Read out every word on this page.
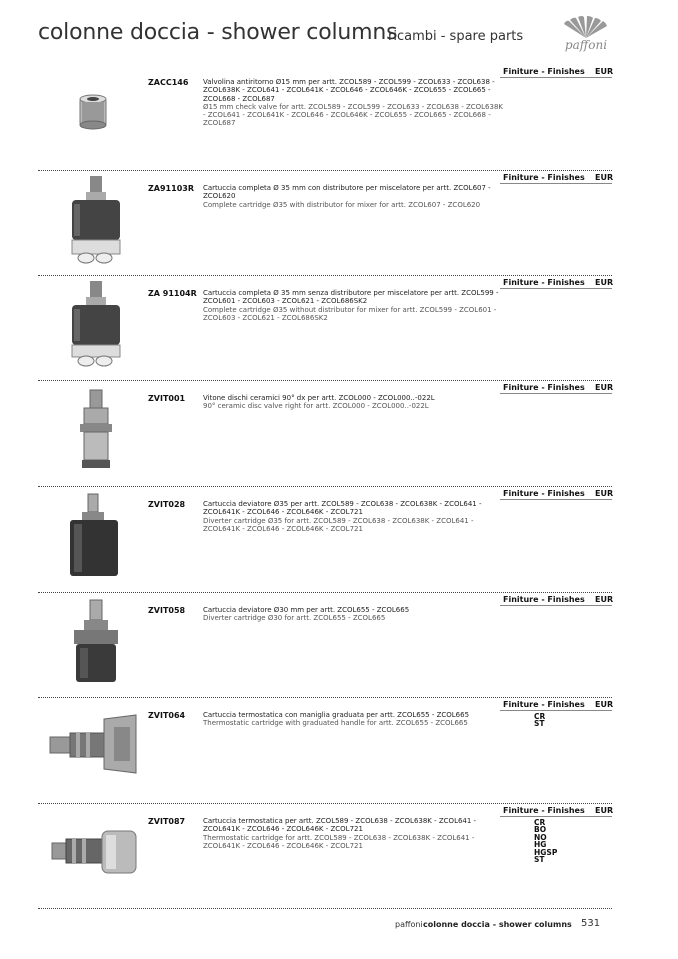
colonne doccia - shower columns
ricambi - spare parts
paffoni
Finiture - Finishes EUR
ZACC146 Valvolina antiritorno Ø15 mm per artt. ZCOL589 - ZCOL599 - ZCOL633 - ZCOL638 - ZCOL638K - ZCOL641 - ZCOL641K - ZCOL646 - ZCOL646K - ZCOL655 - ZCOL665 - ZCOL668 - ZCOL687
Ø15 mm check valve for artt. ZCOL589 - ZCOL599 - ZCOL633 - ZCOL638 - ZCOL638K - ZCOL641 - ZCOL641K - ZCOL646 - ZCOL646K - ZCOL655 - ZCOL665 - ZCOL668 - ZCOL687
Finiture - Finishes EUR
ZA91103R Cartuccia completa Ø 35 mm con distributore per miscelatore per artt. ZCOL607 - ZCOL620
Complete cartridge Ø35 with distributor for mixer for artt. ZCOL607 - ZCOL620
Finiture - Finishes EUR
ZA 91104R Cartuccia completa Ø 35 mm senza distributore per miscelatore per artt. ZCOL599 - ZCOL601 - ZCOL603 - ZCOL621 - ZCOL686SK2
Complete cartridge Ø35 without distributor for mixer for artt. ZCOL599 - ZCOL601 - ZCOL603 - ZCOL621 - ZCOL686SK2
Finiture - Finishes EUR
ZVIT001	Vitone dischi ceramici 90° dx per artt. ZCOL000 - ZCOL000..-022L
90° ceramic disc valve right for artt. ZCOL000 - ZCOL000..-022L
Finiture - Finishes EUR
ZVIT028	Cartuccia deviatore Ø35 per artt. ZCOL589 - ZCOL638 - ZCOL638K - ZCOL641 - ZCOL641K - ZCOL646 - ZCOL646K - ZCOL721
Diverter cartridge Ø35 for artt. ZCOL589 - ZCOL638 - ZCOL638K - ZCOL641 - ZCOL641K - ZCOL646 - ZCOL646K - ZCOL721
Finiture - Finishes EUR
ZVIT058	Cartuccia deviatore Ø30 mm per artt. ZCOL655 - ZCOL665
Diverter cartridge Ø30 for artt. ZCOL655 - ZCOL665
Finiture - Finishes EUR
ZVIT064	Cartuccia termostatica con maniglia graduata per artt. ZCOL655 - ZCOL665
Thermostatic cartridge with graduated handle for artt. ZCOL655 - ZCOL665
CR
ST
Finiture - Finishes EUR
ZVIT087	Cartuccia termostatica per artt. ZCOL589 - ZCOL638 - ZCOL638K - ZCOL641 - ZCOL641K - ZCOL646 - ZCOL646K - ZCOL721
Thermostatic cartridge for artt. ZCOL589 - ZCOL638 - ZCOL638K - ZCOL641 - ZCOL641K - ZCOL646 - ZCOL646K - ZCOL721
CR
BO
NO
HG
HGSP
ST
paffoni colonne doccia - shower columns 531
